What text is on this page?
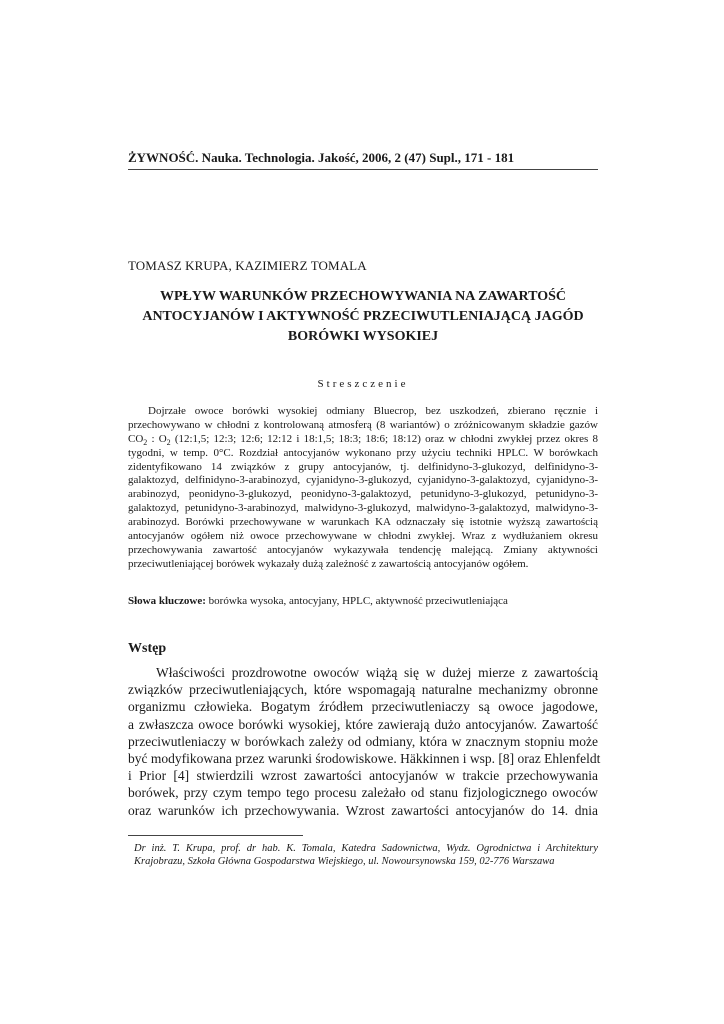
ŻYWNOŚĆ. Nauka. Technologia. Jakość, 2006, 2 (47) Supl., 171 - 181
TOMASZ KRUPA, KAZIMIERZ TOMALA
WPŁYW WARUNKÓW PRZECHOWYWANIA NA ZAWARTOŚĆ
ANTOCYJANÓW I AKTYWNOŚĆ PRZECIWUTLENIAJĄCĄ JAGÓD
BORÓWKI WYSOKIEJ
Streszczenie
Dojrzałe owoce borówki wysokiej odmiany Bluecrop, bez uszkodzeń, zbierano ręcznie i
przechowywano w chłodni z kontrolowaną atmosferą (8 wariantów) o zróżnicowanym składzie gazów
$CO_2$ : $O_2$ (12:1,5; 12:3; 12:6; 12:12 i 18:1,5; 18:3; 18:6; 18:12) oraz w chłodni zwykłej przez okres 8
tygodni, w temp. 0°C. Rozdział antocyjanów wykonano przy użyciu techniki HPLC. W borówkach
zidentyfikowano 14 związków z grupy antocyjanów, tj. delfinidyno-3-glukozyd, delfinidyno-3-
galaktozyd, delfinidyno-3-arabinozyd, cyjanidyno-3-glukozyd, cyjanidyno-3-galaktozyd, cyjanidyno-3-
arabinozyd, peonidyno-3-glukozyd, peonidyno-3-galaktozyd, petunidyno-3-glukozyd, petunidyno-3-
galaktozyd, petunidyno-3-arabinozyd, malwidyno-3-glukozyd, malwidyno-3-galaktozyd, malwidyno-3-
arabinozyd. Borówki przechowywane w warunkach KA odznaczały się istotnie wyższą zawartością
antocyjanów ogółem niż owoce przechowywane w chłodni zwykłej. Wraz z wydłużaniem okresu
przechowywania zawartość antocyjanów wykazywała tendencję malejącą. Zmiany aktywności
przeciwutleniającej borówek wykazały dużą zależność z zawartością antocyjanów ogółem.
Słowa kluczowe: borówka wysoka, antocyjany, HPLC, aktywność przeciwutleniająca
Wstęp
Właściwości prozdrowotne owoców wiążą się w dużej mierze z zawartością
związków przeciwutleniających, które wspomagają naturalne mechanizmy obronne
organizmu człowieka. Bogatym źródłem przeciwutleniaczy są owoce jagodowe,
a zwłaszcza owoce borówki wysokiej, które zawierają dużo antocyjanów. Zawartość
przeciwutleniaczy w borówkach zależy od odmiany, która w znacznym stopniu może
być modyfikowana przez warunki środowiskowe. Häkkinnen i wsp. [8] oraz Ehlenfeldt
i Prior [4] stwierdzili wzrost zawartości antocyjanów w trakcie przechowywania
borówek, przy czym tempo tego procesu zależało od stanu fizjologicznego owoców
oraz warunków ich przechowywania. Wzrost zawartości antocyjanów do 14. dnia
Dr inż. T. Krupa, prof. dr hab. K. Tomala, Katedra Sadownictwa, Wydz. Ogrodnictwa i Architektury
Krajobrazu, Szkoła Główna Gospodarstwa Wiejskiego, ul. Nowoursynowska 159, 02-776 Warszawa
